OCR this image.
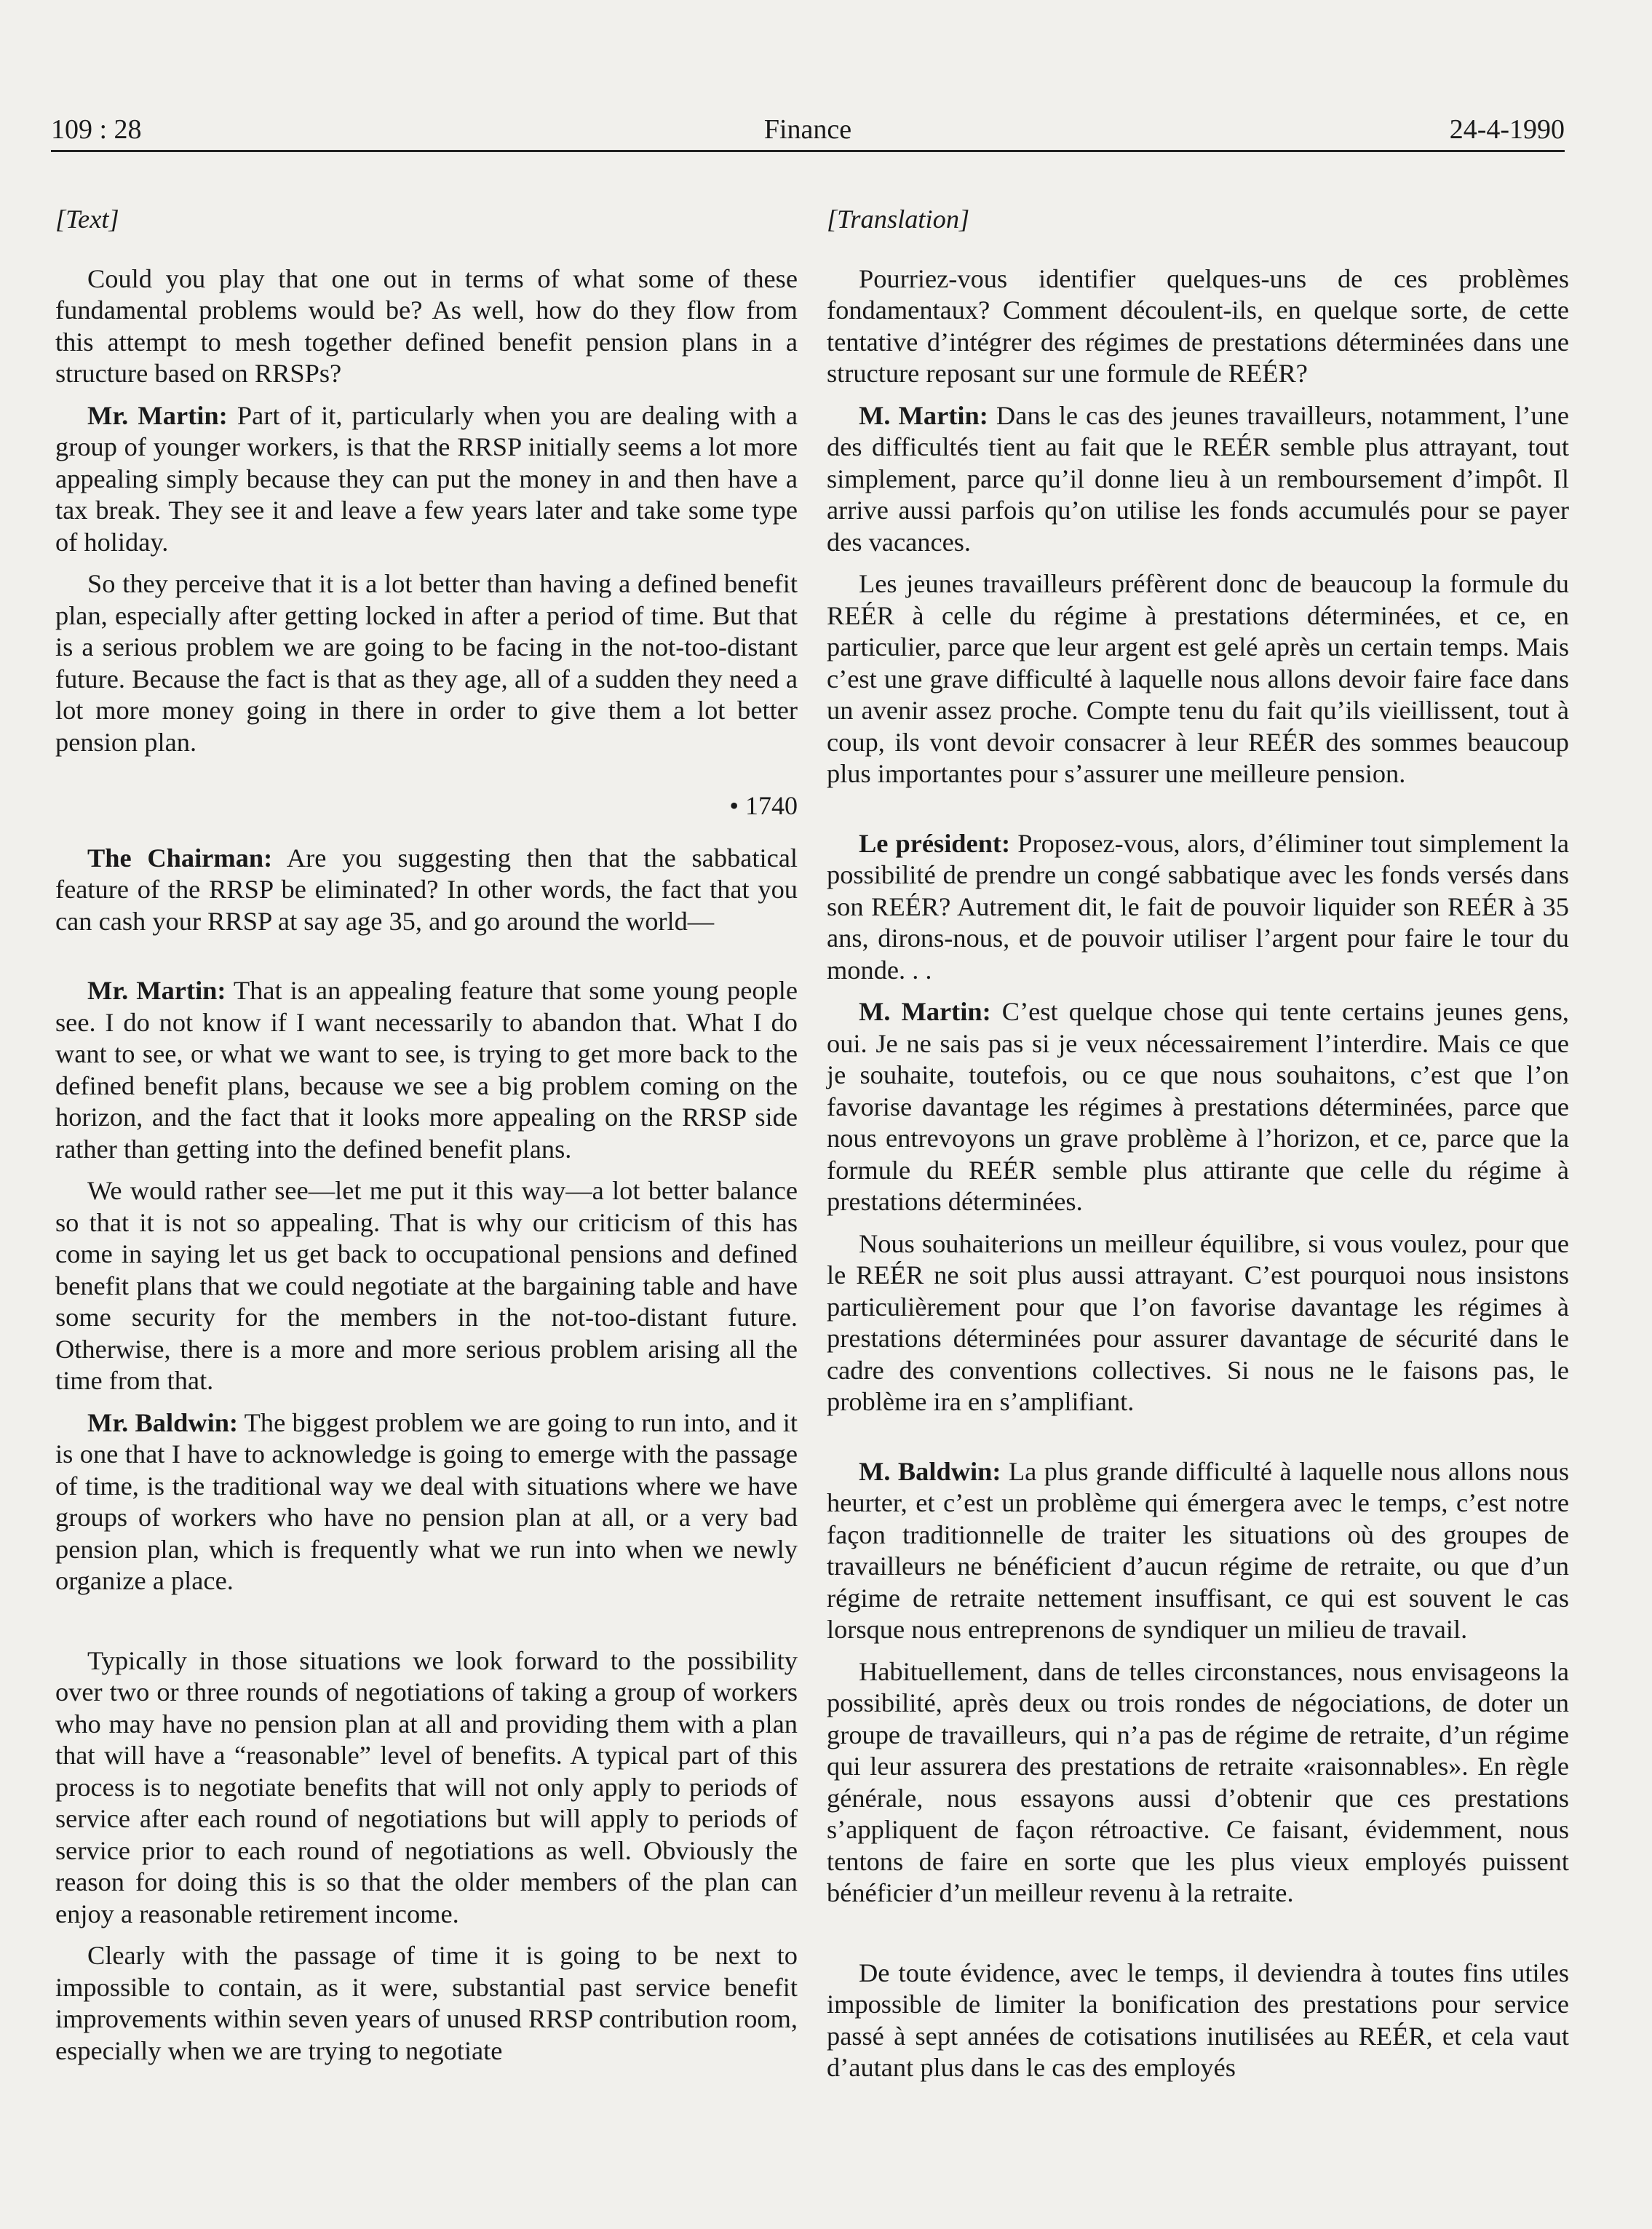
109 : 28	Finance	24-4-1990
[Text]

Could you play that one out in terms of what some of these fundamental problems would be? As well, how do they flow from this attempt to mesh together defined benefit pension plans in a structure based on RRSPs?

Mr. Martin: Part of it, particularly when you are dealing with a group of younger workers, is that the RRSP initially seems a lot more appealing simply because they can put the money in and then have a tax break. They see it and leave a few years later and take some type of holiday.

So they perceive that it is a lot better than having a defined benefit plan, especially after getting locked in after a period of time. But that is a serious problem we are going to be facing in the not-too-distant future. Because the fact is that as they age, all of a sudden they need a lot more money going in there in order to give them a lot better pension plan.

• 1740

The Chairman: Are you suggesting then that the sabbatical feature of the RRSP be eliminated? In other words, the fact that you can cash your RRSP at say age 35, and go around the world—

Mr. Martin: That is an appealing feature that some young people see. I do not know if I want necessarily to abandon that. What I do want to see, or what we want to see, is trying to get more back to the defined benefit plans, because we see a big problem coming on the horizon, and the fact that it looks more appealing on the RRSP side rather than getting into the defined benefit plans.

We would rather see—let me put it this way—a lot better balance so that it is not so appealing. That is why our criticism of this has come in saying let us get back to occupational pensions and defined benefit plans that we could negotiate at the bargaining table and have some security for the members in the not-too-distant future. Otherwise, there is a more and more serious problem arising all the time from that.

Mr. Baldwin: The biggest problem we are going to run into, and it is one that I have to acknowledge is going to emerge with the passage of time, is the traditional way we deal with situations where we have groups of workers who have no pension plan at all, or a very bad pension plan, which is frequently what we run into when we newly organize a place.

Typically in those situations we look forward to the possibility over two or three rounds of negotiations of taking a group of workers who may have no pension plan at all and providing them with a plan that will have a “reasonable” level of benefits. A typical part of this process is to negotiate benefits that will not only apply to periods of service after each round of negotiations but will apply to periods of service prior to each round of negotiations as well. Obviously the reason for doing this is so that the older members of the plan can enjoy a reasonable retirement income.

Clearly with the passage of time it is going to be next to impossible to contain, as it were, substantial past service benefit improvements within seven years of unused RRSP contribution room, especially when we are trying to negotiate

[Translation]

Pourriez-vous identifier quelques-uns de ces problèmes fondamentaux? Comment découlent-ils, en quelque sorte, de cette tentative d’intégrer des régimes de prestations déterminées dans une structure reposant sur une formule de REÉR?

M. Martin: Dans le cas des jeunes travailleurs, notamment, l’une des difficultés tient au fait que le REÉR semble plus attrayant, tout simplement, parce qu’il donne lieu à un remboursement d’impôt. Il arrive aussi parfois qu’on utilise les fonds accumulés pour se payer des vacances.

Les jeunes travailleurs préfèrent donc de beaucoup la formule du REÉR à celle du régime à prestations déterminées, et ce, en particulier, parce que leur argent est gelé après un certain temps. Mais c’est une grave difficulté à laquelle nous allons devoir faire face dans un avenir assez proche. Compte tenu du fait qu’ils vieillissent, tout à coup, ils vont devoir consacrer à leur REÉR des sommes beaucoup plus importantes pour s’assurer une meilleure pension.

Le président: Proposez-vous, alors, d’éliminer tout simplement la possibilité de prendre un congé sabbatique avec les fonds versés dans son REÉR? Autrement dit, le fait de pouvoir liquider son REÉR à 35 ans, dirons-nous, et de pouvoir utiliser l’argent pour faire le tour du monde. . .

M. Martin: C’est quelque chose qui tente certains jeunes gens, oui. Je ne sais pas si je veux nécessairement l’interdire. Mais ce que je souhaite, toutefois, ou ce que nous souhaitons, c’est que l’on favorise davantage les régimes à prestations déterminées, parce que nous entrevoyons un grave problème à l’horizon, et ce, parce que la formule du REÉR semble plus attirante que celle du régime à prestations déterminées.

Nous souhaiterions un meilleur équilibre, si vous voulez, pour que le REÉR ne soit plus aussi attrayant. C’est pourquoi nous insistons particulièrement pour que l’on favorise davantage les régimes à prestations déterminées pour assurer davantage de sécurité dans le cadre des conventions collectives. Si nous ne le faisons pas, le problème ira en s’amplifiant.

M. Baldwin: La plus grande difficulté à laquelle nous allons nous heurter, et c’est un problème qui émergera avec le temps, c’est notre façon traditionnelle de traiter les situations où des groupes de travailleurs ne bénéficient d’aucun régime de retraite, ou que d’un régime de retraite nettement insuffisant, ce qui est souvent le cas lorsque nous entreprenons de syndiquer un milieu de travail.

Habituellement, dans de telles circonstances, nous envisageons la possibilité, après deux ou trois rondes de négociations, de doter un groupe de travailleurs, qui n’a pas de régime de retraite, d’un régime qui leur assurera des prestations de retraite «raisonnables». En règle générale, nous essayons aussi d’obtenir que ces prestations s’appliquent de façon rétroactive. Ce faisant, évidemment, nous tentons de faire en sorte que les plus vieux employés puissent bénéficier d’un meilleur revenu à la retraite.

De toute évidence, avec le temps, il deviendra à toutes fins utiles impossible de limiter la bonification des prestations pour service passé à sept années de cotisations inutilisées au REÉR, et cela vaut d’autant plus dans le cas des employés
